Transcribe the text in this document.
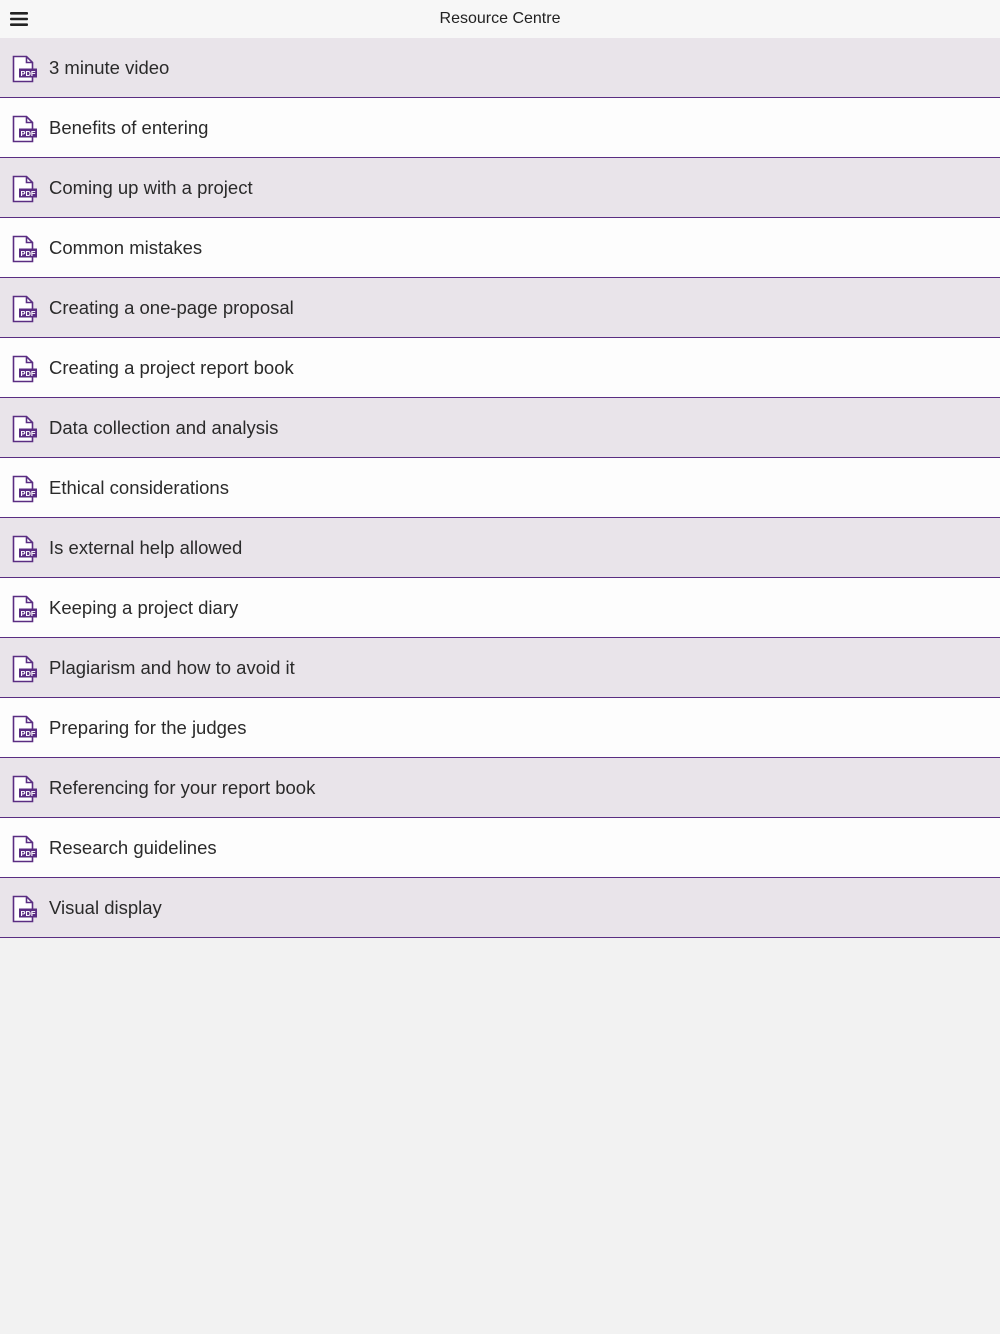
Resource Centre
PDF 3 minute video
PDF Benefits of entering
PDF Coming up with a project
PDF Common mistakes
PDF Creating a one-page proposal
PDF Creating a project report book
PDF Data collection and analysis
PDF Ethical considerations
PDF Is external help allowed
PDF Keeping a project diary
PDF Plagiarism and how to avoid it
PDF Preparing for the judges
PDF Referencing for your report book
PDF Research guidelines
PDF Visual display
